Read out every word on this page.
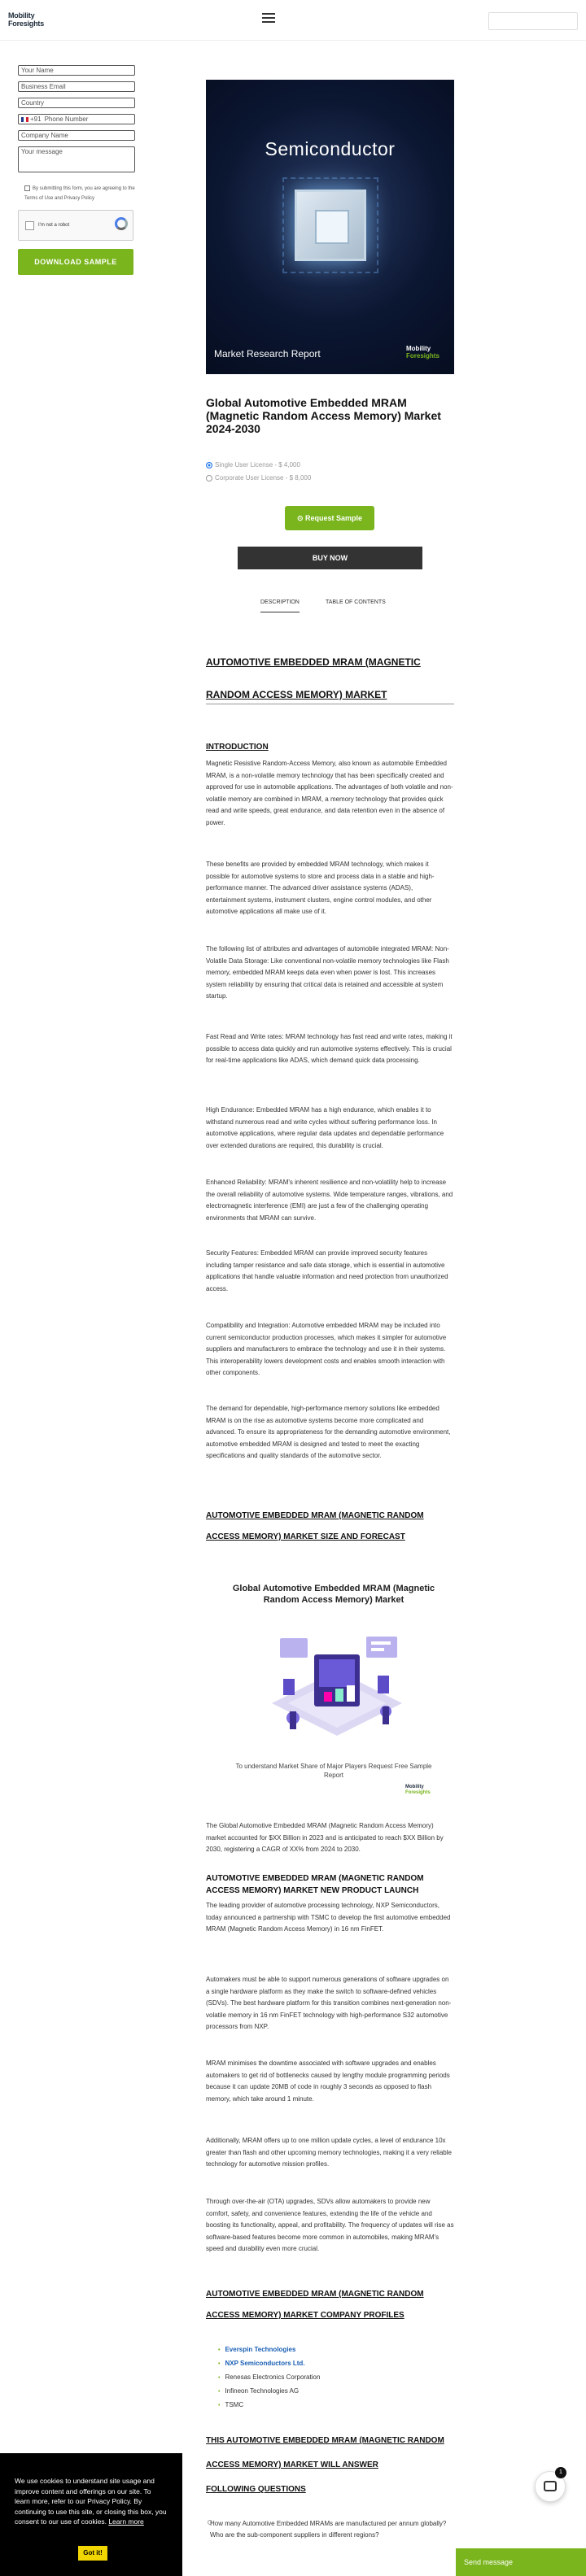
Mobility
Foresights
Your Name
Business Email
Country
+91 Phone Number
Company Name
Your message
By submitting this form, you are agreeing to the Terms of Use and Privacy Policy
I'm not a robot
DOWNLOAD SAMPLE
Semiconductor
Market Research Report	Mobility
Foresights
Global Automotive Embedded MRAM (Magnetic Random Access Memory) Market 2024-2030
Single User License - $ 4,000
Corporate User License - $ 8,000
⊙ Request Sample
BUY NOW
DESCRIPTION	TABLE OF CONTENTS
AUTOMOTIVE EMBEDDED MRAM (MAGNETIC
RANDOM ACCESS MEMORY) MARKET
INTRODUCTION

Magnetic Resistive Random-Access Memory, also known as automobile Embedded MRAM, is a non-volatile memory technology that has been specifically created and approved for use in automobile applications. The advantages of both volatile and non-volatile memory are combined in MRAM, a memory technology that provides quick read and write speeds, great endurance, and data retention even in the absence of power.

These benefits are provided by embedded MRAM technology, which makes it possible for automotive systems to store and process data in a stable and high-performance manner. The advanced driver assistance systems (ADAS), entertainment systems, instrument clusters, engine control modules, and other automotive applications all make use of it.

The following list of attributes and advantages of automobile integrated MRAM: Non-Volatile Data Storage: Like conventional non-volatile memory technologies like Flash memory, embedded MRAM keeps data even when power is lost. This increases system reliability by ensuring that critical data is retained and accessible at system startup.

Fast Read and Write rates: MRAM technology has fast read and write rates, making it possible to access data quickly and run automotive systems effectively. This is crucial for real-time applications like ADAS, which demand quick data processing.

High Endurance: Embedded MRAM has a high endurance, which enables it to withstand numerous read and write cycles without suffering performance loss. In automotive applications, where regular data updates and dependable performance over extended durations are required, this durability is crucial.

Enhanced Reliability: MRAM's inherent resilience and non-volatility help to increase the overall reliability of automotive systems. Wide temperature ranges, vibrations, and electromagnetic interference (EMI) are just a few of the challenging operating environments that MRAM can survive.

Security Features: Embedded MRAM can provide improved security features including tamper resistance and safe data storage, which is essential in automotive applications that handle valuable information and need protection from unauthorized access.

Compatibility and Integration: Automotive embedded MRAM may be included into current semiconductor production processes, which makes it simpler for automotive suppliers and manufacturers to embrace the technology and use it in their systems. This interoperability lowers development costs and enables smooth interaction with other components.

The demand for dependable, high-performance memory solutions like embedded MRAM is on the rise as automotive systems become more complicated and advanced. To ensure its appropriateness for the demanding automotive environment, automotive embedded MRAM is designed and tested to meet the exacting specifications and quality standards of the automotive sector.

AUTOMOTIVE EMBEDDED MRAM (MAGNETIC RANDOM
ACCESS MEMORY) MARKET SIZE AND FORECAST
Global Automotive Embedded MRAM (Magnetic Random Access Memory) Market
To understand Market Share of Major Players Request Free Sample Report
Mobility
Foresights

The Global Automotive Embedded MRAM (Magnetic Random Access Memory) market accounted for $XX Billion in 2023 and is anticipated to reach $XX Billion by 2030, registering a CAGR of XX% from 2024 to 2030.

AUTOMOTIVE EMBEDDED MRAM (MAGNETIC RANDOM ACCESS MEMORY) MARKET NEW PRODUCT LAUNCH

The leading provider of automotive processing technology, NXP Semiconductors, today announced a partnership with TSMC to develop the first automotive embedded MRAM (Magnetic Random Access Memory) in 16 nm FinFET.

Automakers must be able to support numerous generations of software upgrades on a single hardware platform as they make the switch to software-defined vehicles (SDVs). The best hardware platform for this transition combines next-generation non-volatile memory in 16 nm FinFET technology with high-performance S32 automotive processors from NXP.

MRAM minimises the downtime associated with software upgrades and enables automakers to get rid of bottlenecks caused by lengthy module programming periods because it can update 20MB of code in roughly 3 seconds as opposed to flash memory, which take around 1 minute.

Additionally, MRAM offers up to one million update cycles, a level of endurance 10x greater than flash and other upcoming memory technologies, making it a very reliable technology for automotive mission profiles.

Through over-the-air (OTA) upgrades, SDVs allow automakers to provide new comfort, safety, and convenience features, extending the life of the vehicle and boosting its functionality, appeal, and profitability. The frequency of updates will rise as software-based features become more common in automobiles, making MRAM's speed and durability even more crucial.

AUTOMOTIVE EMBEDDED MRAM (MAGNETIC RANDOM
ACCESS MEMORY) MARKET COMPANY PROFILES
• Everspin Technologies
• NXP Semiconductors Ltd.
• Renesas Electronics Corporation
• Infineon Technologies AG
• TSMC
THIS AUTOMOTIVE EMBEDDED MRAM (MAGNETIC RANDOM
ACCESS MEMORY) MARKET WILL ANSWER
FOLLOWING QUESTIONS

How many Automotive Embedded MRAMs are manufactured per annum globally? Who are the sub-component suppliers in different regions?

We use cookies to understand site usage and improve content and offerings on our site. To learn more, refer to our Privacy Policy. By continuing to use this site, or closing this box, you consent to our use of cookies. Learn more
Got it!
1
Send message
